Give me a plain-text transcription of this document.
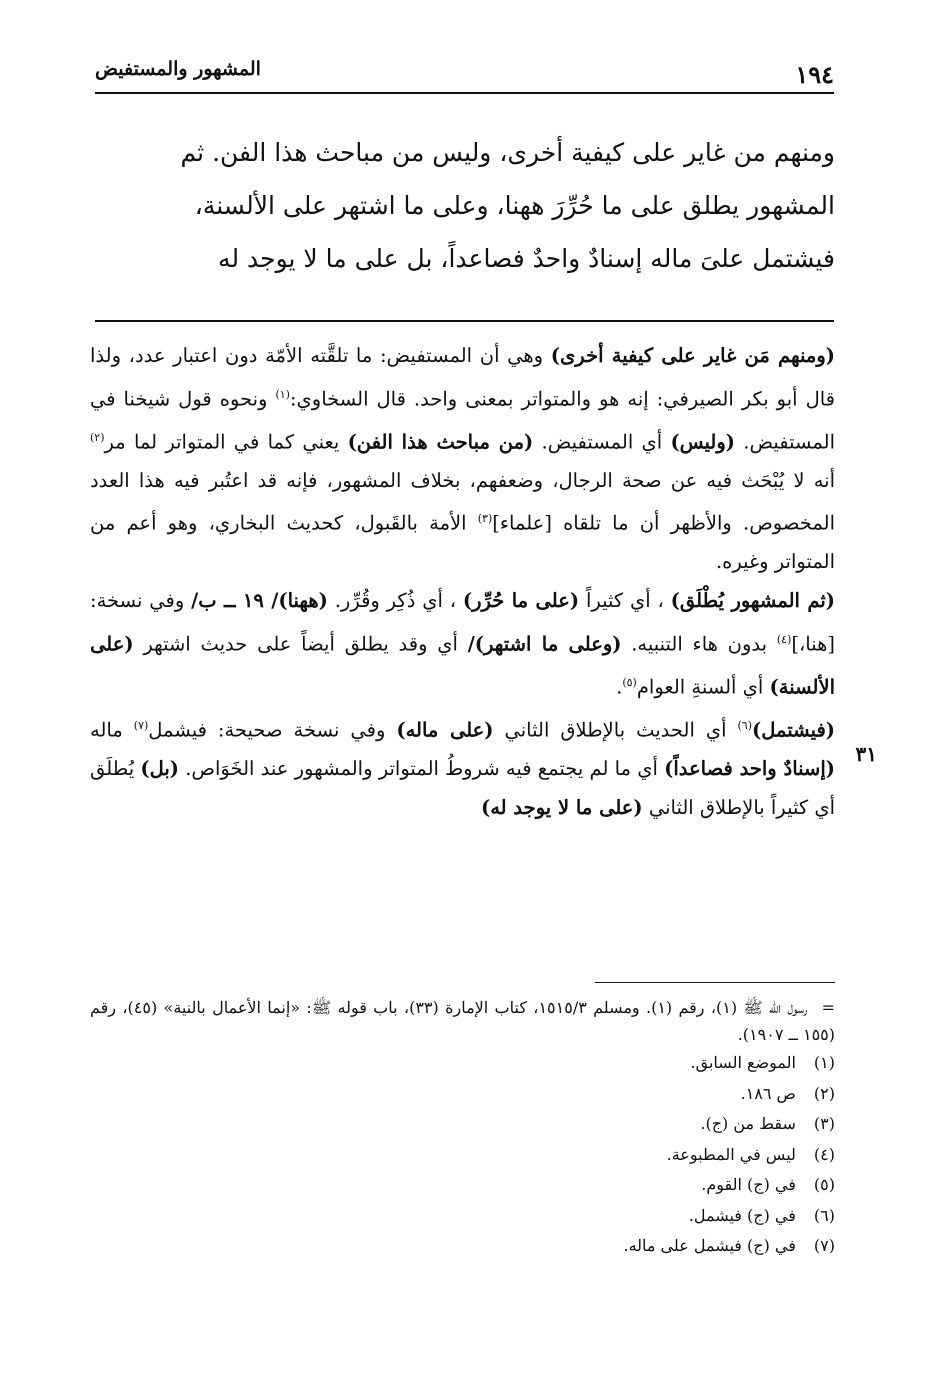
المشهور والمستفيض	١٩٤

ومنهم من غاير على كيفية أخرى، وليس من مباحث هذا الفن. ثم

المشهور يطلق على ما حُرِّرَ ههنا، وعلى ما اشتهر على الألسنة،

فيشتمل علىَ ماله إسنادٌ واحدٌ فصاعداً، بل على ما لا يوجد له

(ومنهم مَن غاير على كيفية أخرى) وهي أن المستفيض: ما تلقَّته الأمّة دون اعتبار عدد، ولذا قال أبو بكر الصيرفي: إنه هو والمتواتر بمعنى واحد. قال السخاوي:$^{(١)}$ ونحوه قول شيخنا في المستفيض. (وليس) أي المستفيض. (من مباحث هذا الفن) يعني كما في المتواتر لما مر$^{(٢)}$ أنه لا يُبْحَث فيه عن صحة الرجال، وضعفهم، بخلاف المشهور، فإنه قد اعتُبر فيه هذا العدد المخصوص. والأظهر أن ما تلقاه [علماء]$^{(٣)}$ الأمة بالقَبول، كحديث البخاري، وهو أعم من المتواتر وغيره.

(ثم المشهور يُطْلَق) ، أي كثيراً (على ما حُرِّر) ، أي ذُكِر وقُرِّر. (ههنا)/ ١٩ ــ ب/ وفي نسخة: [هنا،]$^{(٤)}$ بدون هاء التنبيه. (وعلى ما اشتهر)/ أي وقد يطلق أيضاً على حديث اشتهر (على الألسنة) أي ألسنةِ العوام$^{(٥)}$.

(فيشتمل)$^{(٦)}$ أي الحديث بالإطلاق الثاني (على ماله) وفي نسخة صحيحة: فيشمل$^{(٧)}$ ماله (إسنادٌ واحد فصاعداً) أي ما لم يجتمع فيه شروطُ المتواتر والمشهور عند الخَوَاص. (بل) يُطلَق أي كثيراً بالإطلاق الثاني (على ما لا يوجد له)

٣١

=رسول الله ﷺ (١)، رقم (١). ومسلم ١٥١٥/٣، كتاب الإمارة (٣٣)، باب قوله ﷺ: «إنما الأعمال بالنية» (٤٥)، رقم (١٥٥ ــ ١٩٠٧).

(١) الموضع السابق.

(٢) ص ١٨٦.

(٣) سقط من (ج).

(٤) ليس في المطبوعة.

(٥) في (ج) القوم.

(٦) في (ج) فيشمل.

(٧) في (ج) فيشمل على ماله.
